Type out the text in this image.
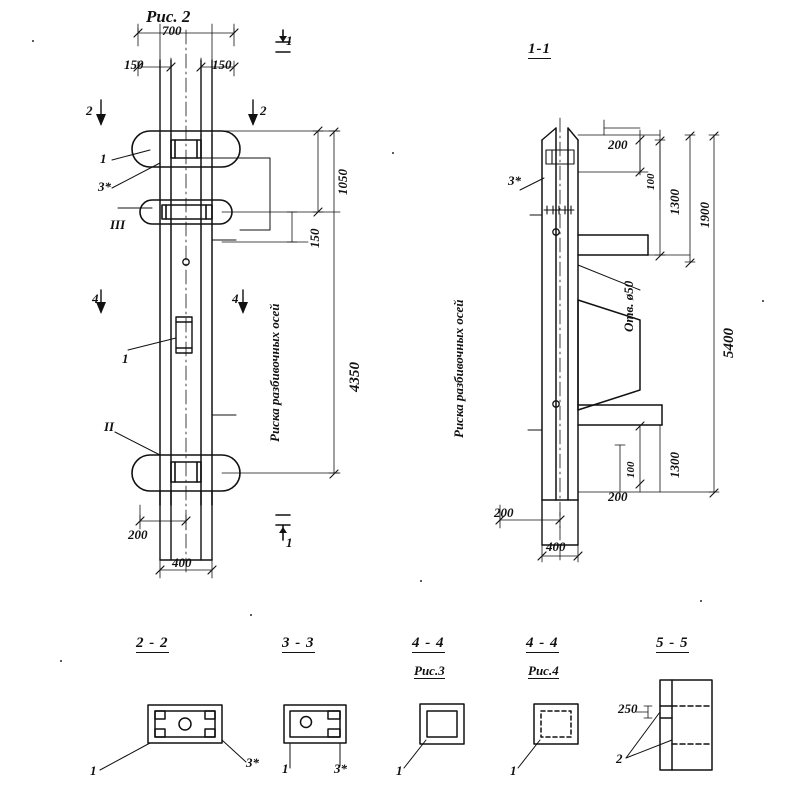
Рис. 2
1-1
700
150	150
1050
150
4350
200
400
1
2	2
1
3*
4	4
1
1
III
II	Риска разбивочных осей	Риска разбивочных осей
3*
Отв. ø50
200
100
1300 1900
5400
100 1300
200
200
400
2 - 2	3 - 3	4 - 4
Рис.3
4 - 4
Рис.4
5 - 5
1
3* 1	3*	1	1
2
250
